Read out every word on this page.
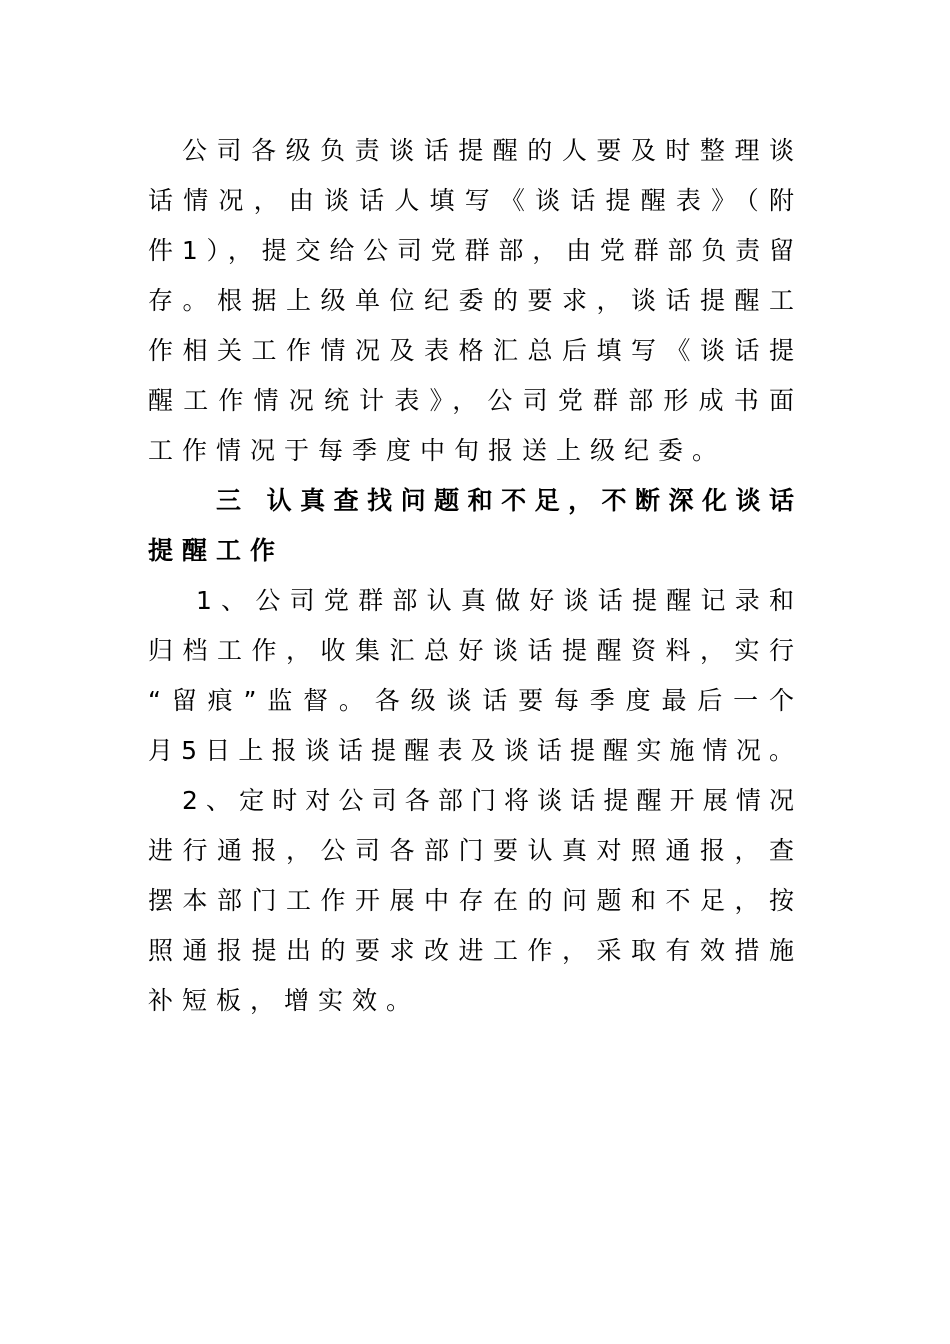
公司各级负责谈话提醒的人要及时整理谈
话情况，由谈话人填写《谈话提醒表》（附
件1），提交给公司党群部，由党群部负责留
存。根据上级单位纪委的要求，谈话提醒工
作相关工作情况及表格汇总后填写《谈话提
醒工作情况统计表》，公司党群部形成书面
工作情况于每季度中旬报送上级纪委。
三 认真查找问题和不足，不断深化谈话
提醒工作
1、公司党群部认真做好谈话提醒记录和
归档工作，收集汇总好谈话提醒资料，实行
“留痕”监督。各级谈话要每季度最后一个
月5日上报谈话提醒表及谈话提醒实施情况。
2、定时对公司各部门将谈话提醒开展情况
进行通报，公司各部门要认真对照通报，查
摆本部门工作开展中存在的问题和不足，按
照通报提出的要求改进工作，采取有效措施
补短板，增实效。
